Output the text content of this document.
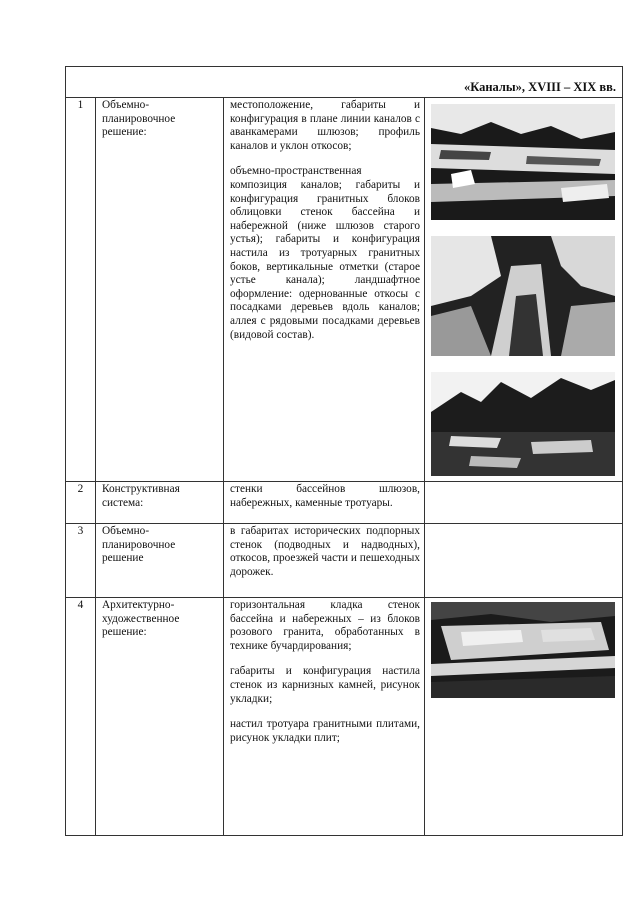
«Каналы», XVIII – XIX вв.			
1	Объемно-планировочное решение:	местоположение, габариты и конфигурация в плане линии каналов с аванкамерами шлюзов; профиль каналов и уклон откосов;

объемно-пространственная композиция каналов; габариты и конфигурация гранитных блоков облицовки стенок бассейна и набережной (ниже шлюзов старого устья); габариты и конфигурация настила из тротуарных гранитных боков, вертикальные отметки (старое устье канала); ландшафтное оформление: одернованные откосы с посадками деревьев вдоль каналов; аллея с рядовыми посадками деревьев (видовой состав).

2	Конструктивная система:	стенки бассейнов шлюзов, набережных, каменные тротуары.	

3	Объемно-планировочное решение	в габаритах исторических подпорных стенок (подводных и надводных), откосов, проезжей части и пешеходных дорожек.	

4	Архитектурно-художественное решение:	горизонтальная кладка стенок бассейна и набережных – из блоков розового гранита, обработанных в технике бучардирования;

габариты и конфигурация настила стенок из карнизных камней, рисунок укладки;

настил тротуара гранитными плитами, рисунок укладки плит;
